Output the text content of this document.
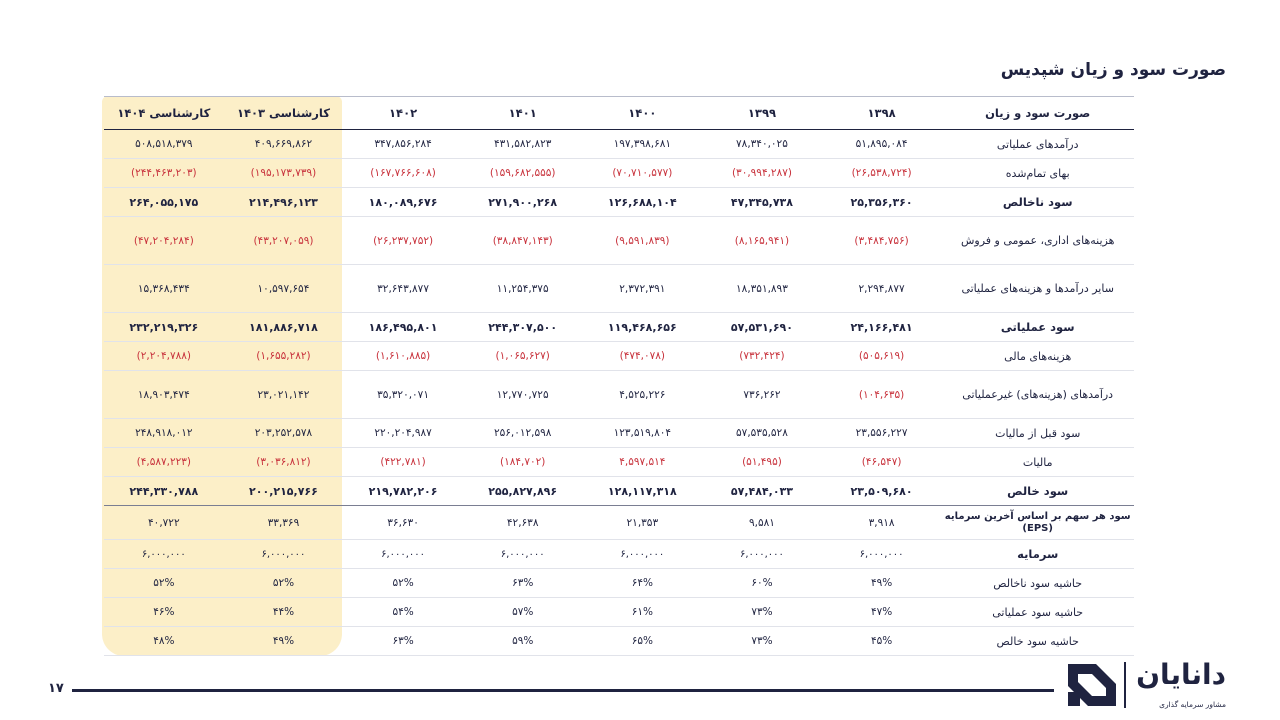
صورت سود و زیان شپدیس
صورت سود و زیان	۱۳۹۸	۱۳۹۹	۱۴۰۰	۱۴۰۱	۱۴۰۲	کارشناسی ۱۴۰۳	کارشناسی ۱۴۰۴
درآمدهای عملیاتی	۵۱,۸۹۵,۰۸۴	۷۸,۳۴۰,۰۲۵	۱۹۷,۳۹۸,۶۸۱	۴۳۱,۵۸۲,۸۲۳	۳۴۷,۸۵۶,۲۸۴	۴۰۹,۶۶۹,۸۶۲	۵۰۸,۵۱۸,۳۷۹
بهای تمام‌شده	(۲۶,۵۳۸,۷۲۴)	(۳۰,۹۹۴,۲۸۷)	(۷۰,۷۱۰,۵۷۷)	(۱۵۹,۶۸۲,۵۵۵)	(۱۶۷,۷۶۶,۶۰۸)	(۱۹۵,۱۷۳,۷۳۹)	(۲۴۴,۴۶۳,۲۰۳)
سود ناخالص	۲۵,۳۵۶,۳۶۰	۴۷,۳۴۵,۷۳۸	۱۲۶,۶۸۸,۱۰۴	۲۷۱,۹۰۰,۲۶۸	۱۸۰,۰۸۹,۶۷۶	۲۱۴,۴۹۶,۱۲۳	۲۶۴,۰۵۵,۱۷۵
هزینه‌های اداری، عمومی و فروش	(۳,۴۸۴,۷۵۶)	(۸,۱۶۵,۹۴۱)	(۹,۵۹۱,۸۳۹)	(۳۸,۸۴۷,۱۴۳)	(۲۶,۲۳۷,۷۵۲)	(۴۳,۲۰۷,۰۵۹)	(۴۷,۲۰۴,۲۸۴)
سایر درآمدها و هزینه‌های عملیاتی	۲,۲۹۴,۸۷۷	۱۸,۳۵۱,۸۹۳	۲,۳۷۲,۳۹۱	۱۱,۲۵۴,۳۷۵	۳۲,۶۴۳,۸۷۷	۱۰,۵۹۷,۶۵۴	۱۵,۳۶۸,۴۳۴
سود عملیاتی	۲۴,۱۶۶,۴۸۱	۵۷,۵۳۱,۶۹۰	۱۱۹,۴۶۸,۶۵۶	۲۴۴,۳۰۷,۵۰۰	۱۸۶,۴۹۵,۸۰۱	۱۸۱,۸۸۶,۷۱۸	۲۳۲,۲۱۹,۳۲۶
هزینه‌های مالی	(۵۰۵,۶۱۹)	(۷۳۲,۴۲۴)	(۴۷۴,۰۷۸)	(۱,۰۶۵,۶۲۷)	(۱,۶۱۰,۸۸۵)	(۱,۶۵۵,۲۸۲)	(۲,۲۰۴,۷۸۸)
درآمدهای (هزینه‌های) غیرعملیاتی	(۱۰۴,۶۳۵)	۷۳۶,۲۶۲	۴,۵۲۵,۲۲۶	۱۲,۷۷۰,۷۲۵	۳۵,۳۲۰,۰۷۱	۲۳,۰۲۱,۱۴۲	۱۸,۹۰۳,۴۷۴
سود قبل از مالیات	۲۳,۵۵۶,۲۲۷	۵۷,۵۳۵,۵۲۸	۱۲۳,۵۱۹,۸۰۴	۲۵۶,۰۱۲,۵۹۸	۲۲۰,۲۰۴,۹۸۷	۲۰۳,۲۵۲,۵۷۸	۲۴۸,۹۱۸,۰۱۲
مالیات	(۴۶,۵۴۷)	(۵۱,۴۹۵)	۴,۵۹۷,۵۱۴	(۱۸۴,۷۰۲)	(۴۲۲,۷۸۱)	(۳,۰۳۶,۸۱۲)	(۴,۵۸۷,۲۲۳)
سود خالص	۲۳,۵۰۹,۶۸۰	۵۷,۴۸۴,۰۳۳	۱۲۸,۱۱۷,۳۱۸	۲۵۵,۸۲۷,۸۹۶	۲۱۹,۷۸۲,۲۰۶	۲۰۰,۲۱۵,۷۶۶	۲۴۴,۳۳۰,۷۸۸
سود هر سهم بر اساس آخرین سرمایه (EPS)	۳,۹۱۸	۹,۵۸۱	۲۱,۳۵۳	۴۲,۶۳۸	۳۶,۶۳۰	۳۳,۳۶۹	۴۰,۷۲۲
سرمایه	۶,۰۰۰,۰۰۰	۶,۰۰۰,۰۰۰	۶,۰۰۰,۰۰۰	۶,۰۰۰,۰۰۰	۶,۰۰۰,۰۰۰	۶,۰۰۰,۰۰۰	۶,۰۰۰,۰۰۰
حاشیه سود ناخالص	۴۹%	۶۰%	۶۴%	۶۳%	۵۲%	۵۲%	۵۲%
حاشیه سود عملیاتی	۴۷%	۷۳%	۶۱%	۵۷%	۵۴%	۴۴%	۴۶%
حاشیه سود خالص	۴۵%	۷۳%	۶۵%	۵۹%	۶۳%	۴۹%	۴۸%
۱۷	دانایان
مشاور سرمایه گذاری
